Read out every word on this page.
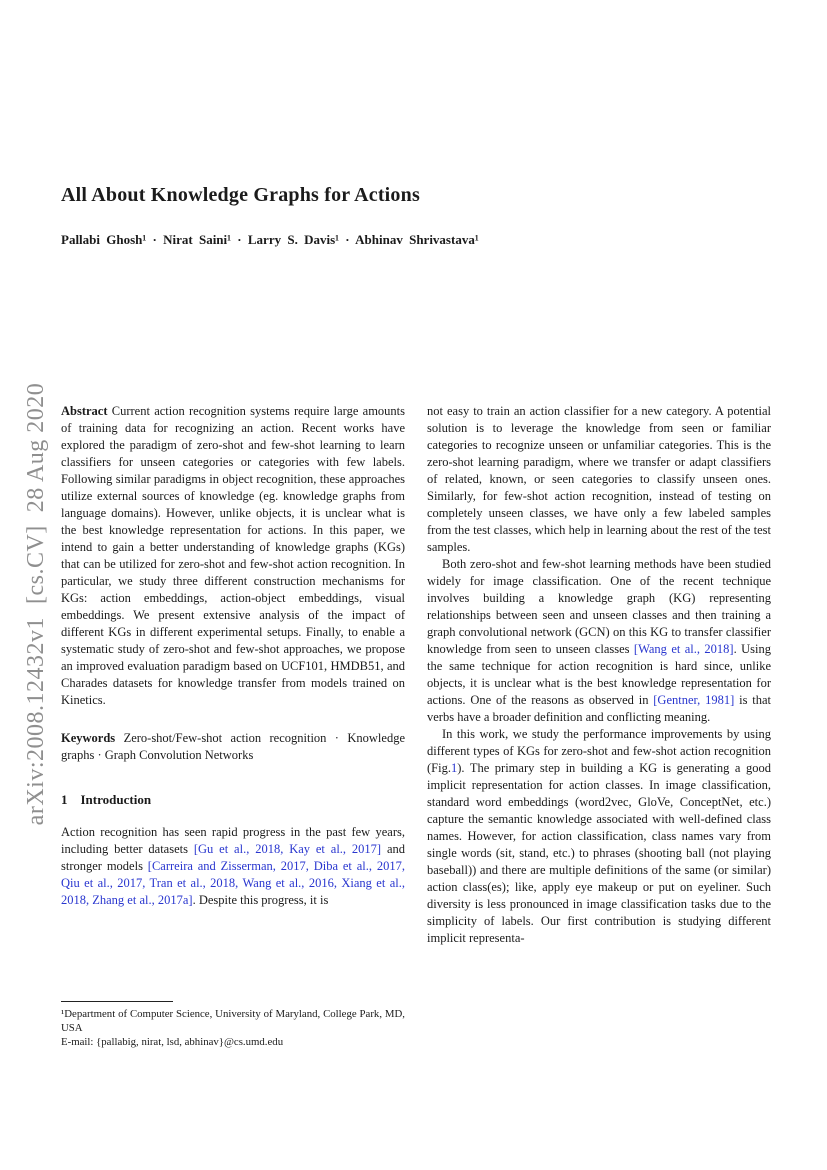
arXiv:2008.12432v1  [cs.CV]  28 Aug 2020
All About Knowledge Graphs for Actions
Pallabi Ghosh¹ · Nirat Saini¹ · Larry S. Davis¹ · Abhinav Shrivastava¹

Abstract Current action recognition systems require large amounts of training data for recognizing an action. Recent works have explored the paradigm of zero-shot and few-shot learning to learn classifiers for unseen categories or categories with few labels. Following similar paradigms in object recognition, these approaches utilize external sources of knowledge (eg. knowledge graphs from language domains). However, unlike objects, it is unclear what is the best knowledge representation for actions. In this paper, we intend to gain a better understanding of knowledge graphs (KGs) that can be utilized for zero-shot and few-shot action recognition. In particular, we study three different construction mechanisms for KGs: action embeddings, action-object embeddings, visual embeddings. We present extensive analysis of the impact of different KGs in different experimental setups. Finally, to enable a systematic study of zero-shot and few-shot approaches, we propose an improved evaluation paradigm based on UCF101, HMDB51, and Charades datasets for knowledge transfer from models trained on Kinetics.

Keywords Zero-shot/Few-shot action recognition · Knowledge graphs · Graph Convolution Networks

1 Introduction

Action recognition has seen rapid progress in the past few years, including better datasets [Gu et al., 2018, Kay et al., 2017] and stronger models [Carreira and Zisserman, 2017, Diba et al., 2017, Qiu et al., 2017, Tran et al., 2018, Wang et al., 2016, Xiang et al., 2018, Zhang et al., 2017a]. Despite this progress, it is

¹Department of Computer Science, University of Maryland, College Park, MD, USA

E-mail: {pallabig, nirat, lsd, abhinav}@cs.umd.edu

not easy to train an action classifier for a new category. A potential solution is to leverage the knowledge from seen or familiar categories to recognize unseen or unfamiliar categories. This is the zero-shot learning paradigm, where we transfer or adapt classifiers of related, known, or seen categories to classify unseen ones. Similarly, for few-shot action recognition, instead of testing on completely unseen classes, we have only a few labeled samples from the test classes, which help in learning about the rest of the test samples.

Both zero-shot and few-shot learning methods have been studied widely for image classification. One of the recent technique involves building a knowledge graph (KG) representing relationships between seen and unseen classes and then training a graph convolutional network (GCN) on this KG to transfer classifier knowledge from seen to unseen classes [Wang et al., 2018]. Using the same technique for action recognition is hard since, unlike objects, it is unclear what is the best knowledge representation for actions. One of the reasons as observed in [Gentner, 1981] is that verbs have a broader definition and conflicting meaning.

In this work, we study the performance improvements by using different types of KGs for zero-shot and few-shot action recognition (Fig.1). The primary step in building a KG is generating a good implicit representation for action classes. In image classification, standard word embeddings (word2vec, GloVe, ConceptNet, etc.) capture the semantic knowledge associated with well-defined class names. However, for action classification, class names vary from single words (sit, stand, etc.) to phrases (shooting ball (not playing baseball)) and there are multiple definitions of the same (or similar) action class(es); like, apply eye makeup or put on eyeliner. Such diversity is less pronounced in image classification tasks due to the simplicity of labels. Our first contribution is studying different implicit representa-
